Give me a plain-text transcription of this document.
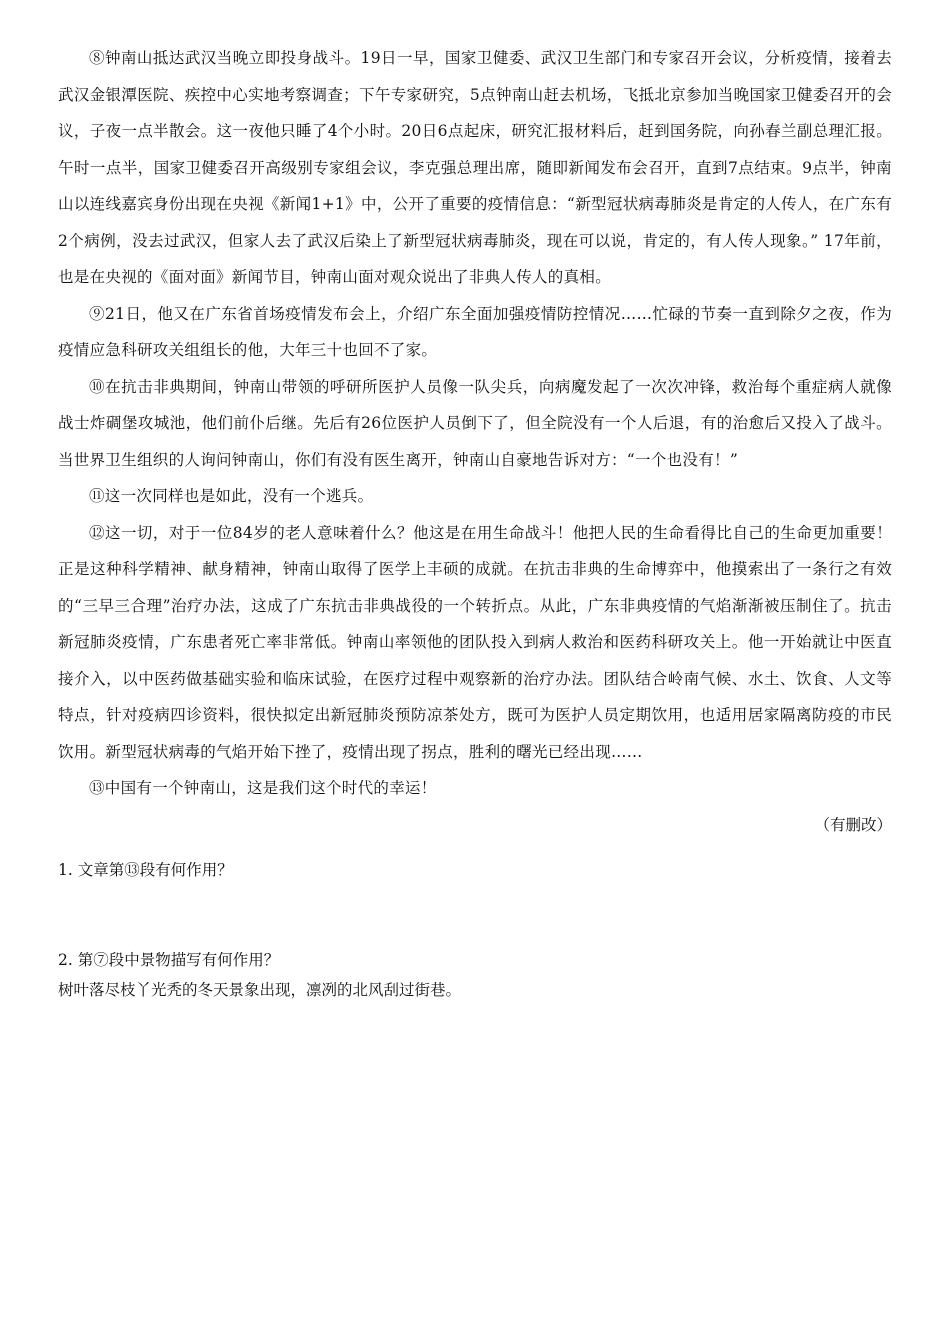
⑧钟南山抵达武汉当晚立即投身战斗。19日一早，国家卫健委、武汉卫生部门和专家召开会议，分析疫情，接着去武汉金银潭医院、疾控中心实地考察调查；下午专家研究，5点钟南山赶去机场，飞抵北京参加当晚国家卫健委召开的会议，子夜一点半散会。这一夜他只睡了4个小时。20日6点起床，研究汇报材料后，赶到国务院，向孙春兰副总理汇报。午时一点半，国家卫健委召开高级别专家组会议，李克强总理出席，随即新闻发布会召开，直到7点结束。9点半，钟南山以连线嘉宾身份出现在央视《新闻1+1》中，公开了重要的疫情信息：“新型冠状病毒肺炎是肯定的人传人，在广东有2个病例，没去过武汉，但家人去了武汉后染上了新型冠状病毒肺炎，现在可以说，肯定的，有人传人现象。” 17年前，也是在央视的《面对面》新闻节目，钟南山面对观众说出了非典人传人的真相。

⑨21日，他又在广东省首场疫情发布会上，介绍广东全面加强疫情防控情况……忙碌的节奏一直到除夕之夜，作为疫情应急科研攻关组组长的他，大年三十也回不了家。

⑩在抗击非典期间，钟南山带领的呼研所医护人员像一队尖兵，向病魔发起了一次次冲锋，救治每个重症病人就像战士炸碉堡攻城池，他们前仆后继。先后有26位医护人员倒下了，但全院没有一个人后退，有的治愈后又投入了战斗。当世界卫生组织的人询问钟南山，你们有没有医生离开，钟南山自豪地告诉对方：“一个也没有！”

⑪这一次同样也是如此，没有一个逃兵。

⑫这一切，对于一位84岁的老人意味着什么？他这是在用生命战斗！他把人民的生命看得比自己的生命更加重要！正是这种科学精神、献身精神，钟南山取得了医学上丰硕的成就。在抗击非典的生命博弈中，他摸索出了一条行之有效的“三早三合理”治疗办法，这成了广东抗击非典战役的一个转折点。从此，广东非典疫情的气焰渐渐被压制住了。抗击新冠肺炎疫情，广东患者死亡率非常低。钟南山率领他的团队投入到病人救治和医药科研攻关上。他一开始就让中医直接介入，以中医药做基础实验和临床试验，在医疗过程中观察新的治疗办法。团队结合岭南气候、水土、饮食、人文等特点，针对疫病四诊资料，很快拟定出新冠肺炎预防凉茶处方，既可为医护人员定期饮用，也适用居家隔离防疫的市民饮用。新型冠状病毒的气焰开始下挫了，疫情出现了拐点，胜利的曙光已经出现……

⑬中国有一个钟南山，这是我们这个时代的幸运！

（有删改）

1. 文章第⑬段有何作用？

2. 第⑦段中景物描写有何作用？

树叶落尽枝丫光秃的冬天景象出现，凛冽的北风刮过街巷。
